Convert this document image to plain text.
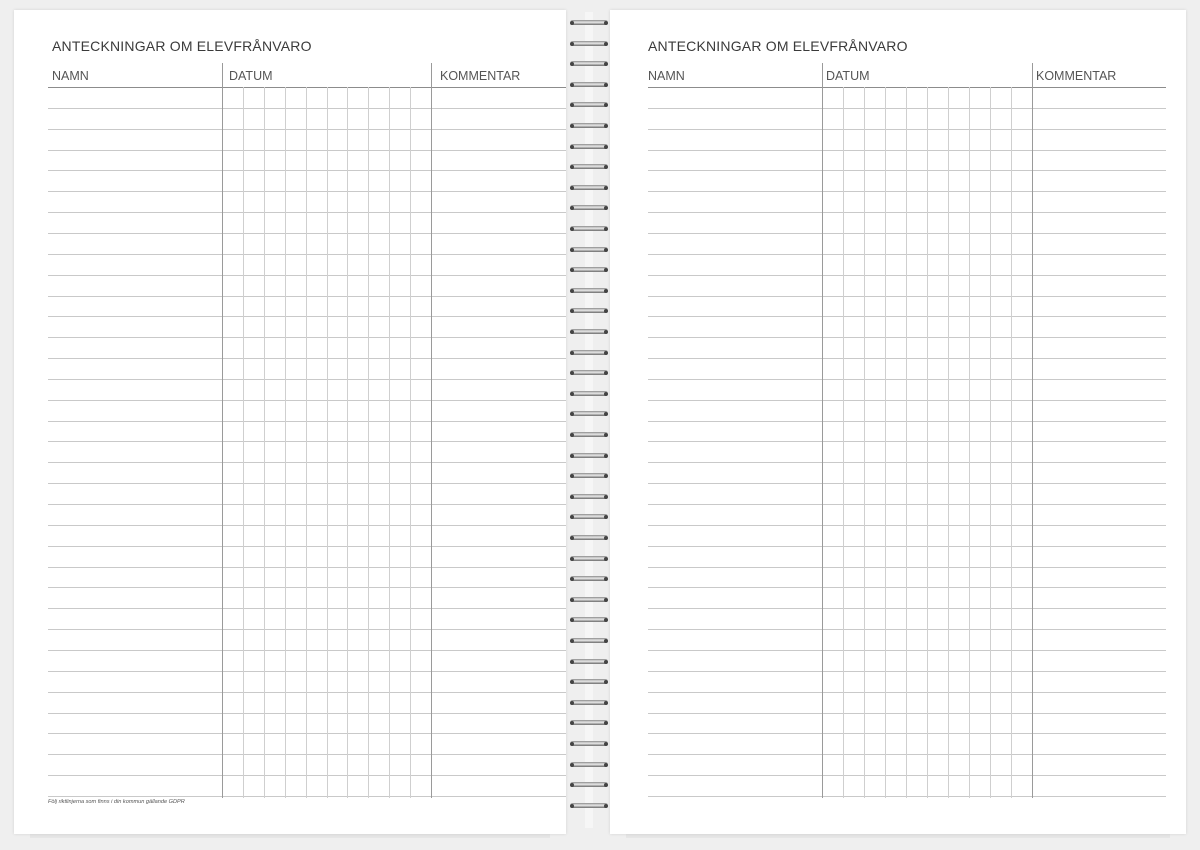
ANTECKNINGAR OM ELEVFRÅNVARO
NAMN	DATUM	KOMMENTAR
Följ riktlinjerna som finns i din kommun gällande GDPR
ANTECKNINGAR OM ELEVFRÅNVARO
NAMN	DATUM	KOMMENTAR
